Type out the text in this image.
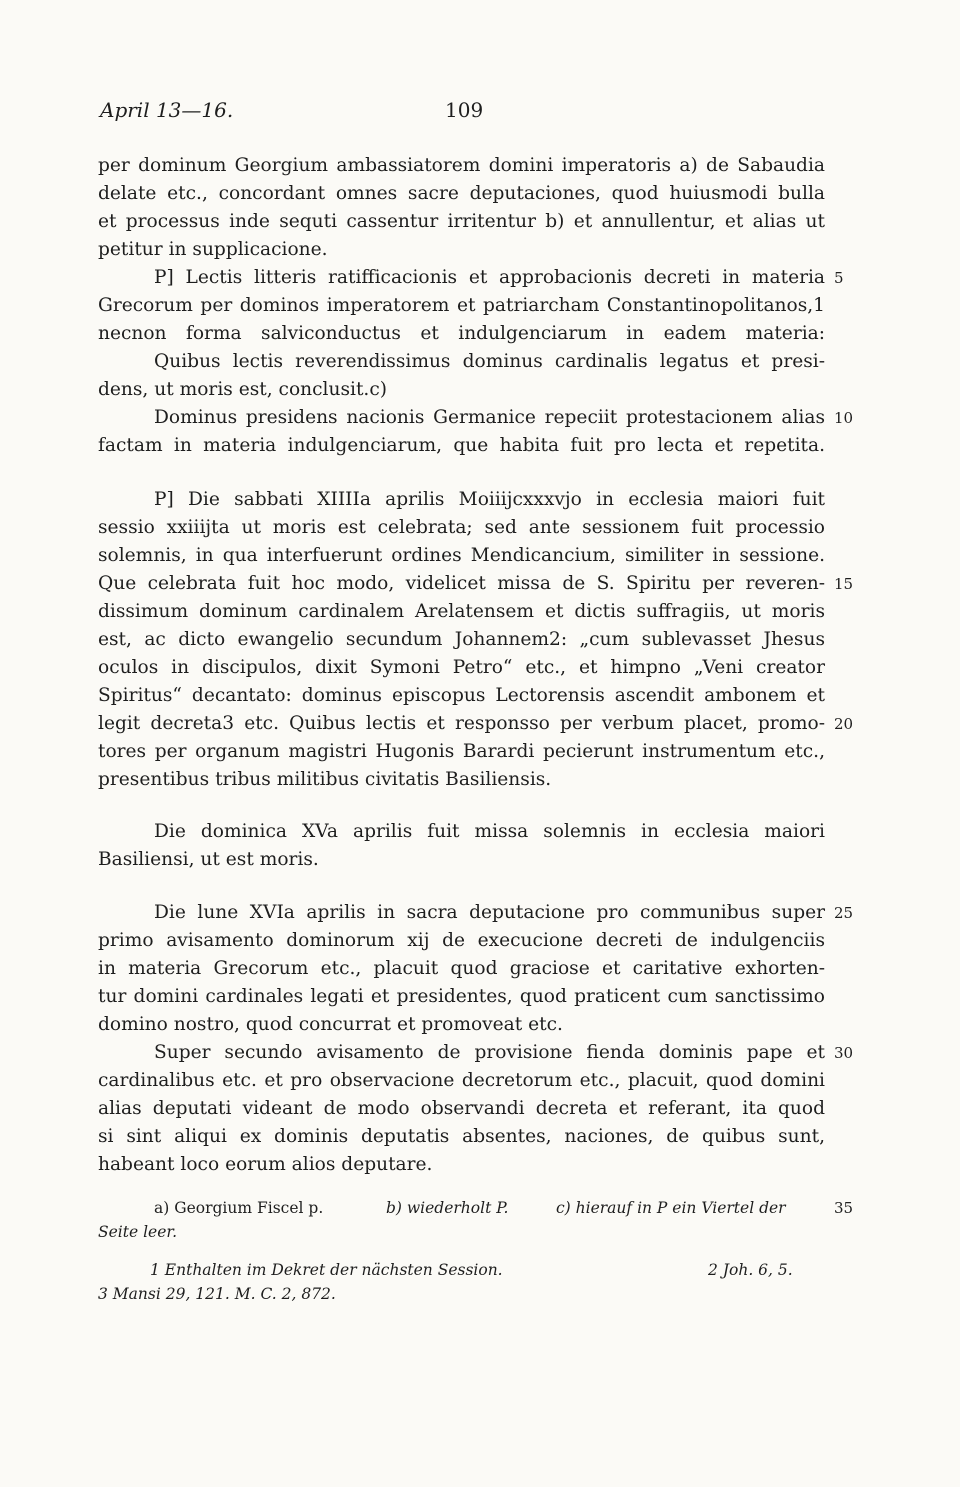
April 13—16.	109
per dominum Georgium ambassiatorem domini imperatoris a) de Sabaudia
delate etc., concordant omnes sacre deputaciones, quod huiusmodi bulla
et processus inde sequti cassentur irritentur b) et annullentur, et alias ut
petitur in supplicacione.
P] Lectis litteris ratifficacionis et approbacionis decreti in materia
Grecorum per dominos imperatorem et patriarcham Constantinopolitanos,1
necnon forma salviconductus et indulgenciarum in eadem materia:
Quibus lectis reverendissimus dominus cardinalis legatus et presi-
dens, ut moris est, conclusit.c)
Dominus presidens nacionis Germanice repeciit protestacionem alias
factam in materia indulgenciarum, que habita fuit pro lecta et repetita.
P] Die sabbati XIIIIa aprilis Moiiijcxxxvjo in ecclesia maiori fuit
sessio xxiiijta ut moris est celebrata; sed ante sessionem fuit processio
solemnis, in qua interfuerunt ordines Mendicancium, similiter in sessione.
Que celebrata fuit hoc modo, videlicet missa de S. Spiritu per reveren-
dissimum dominum cardinalem Arelatensem et dictis suffragiis, ut moris
est, ac dicto ewangelio secundum Johannem2: „cum sublevasset Jhesus
oculos in discipulos, dixit Symoni Petro“ etc., et himpno „Veni creator
Spiritus“ decantato: dominus episcopus Lectorensis ascendit ambonem et
legit decreta3 etc. Quibus lectis et responsso per verbum placet, promo-
tores per organum magistri Hugonis Barardi pecierunt instrumentum etc.,
presentibus tribus militibus civitatis Basiliensis.
Die dominica XVa aprilis fuit missa solemnis in ecclesia maiori
Basiliensi, ut est moris.
Die lune XVIa aprilis in sacra deputacione pro communibus super
primo avisamento dominorum xij de execucione decreti de indulgenciis
in materia Grecorum etc., placuit quod graciose et caritative exhorten-
tur domini cardinales legati et presidentes, quod praticent cum sanctissimo
domino nostro, quod concurrat et promoveat etc.
Super secundo avisamento de provisione fienda dominis pape et
cardinalibus etc. et pro observacione decretorum etc., placuit, quod domini
alias deputati videant de modo observandi decreta et referant, ita quod
si sint aliqui ex dominis deputatis absentes, naciones, de quibus sunt,
habeant loco eorum alios deputare.
5
10
15
20
25
30
35
a) Georgium Fiscel p.	b) wiederholt P.	c) hierauf in P ein Viertel der
Seite leer.
1 Enthalten im Dekret der nächsten Session.	2 Joh. 6, 5.
3 Mansi 29, 121. M. C. 2, 872.
